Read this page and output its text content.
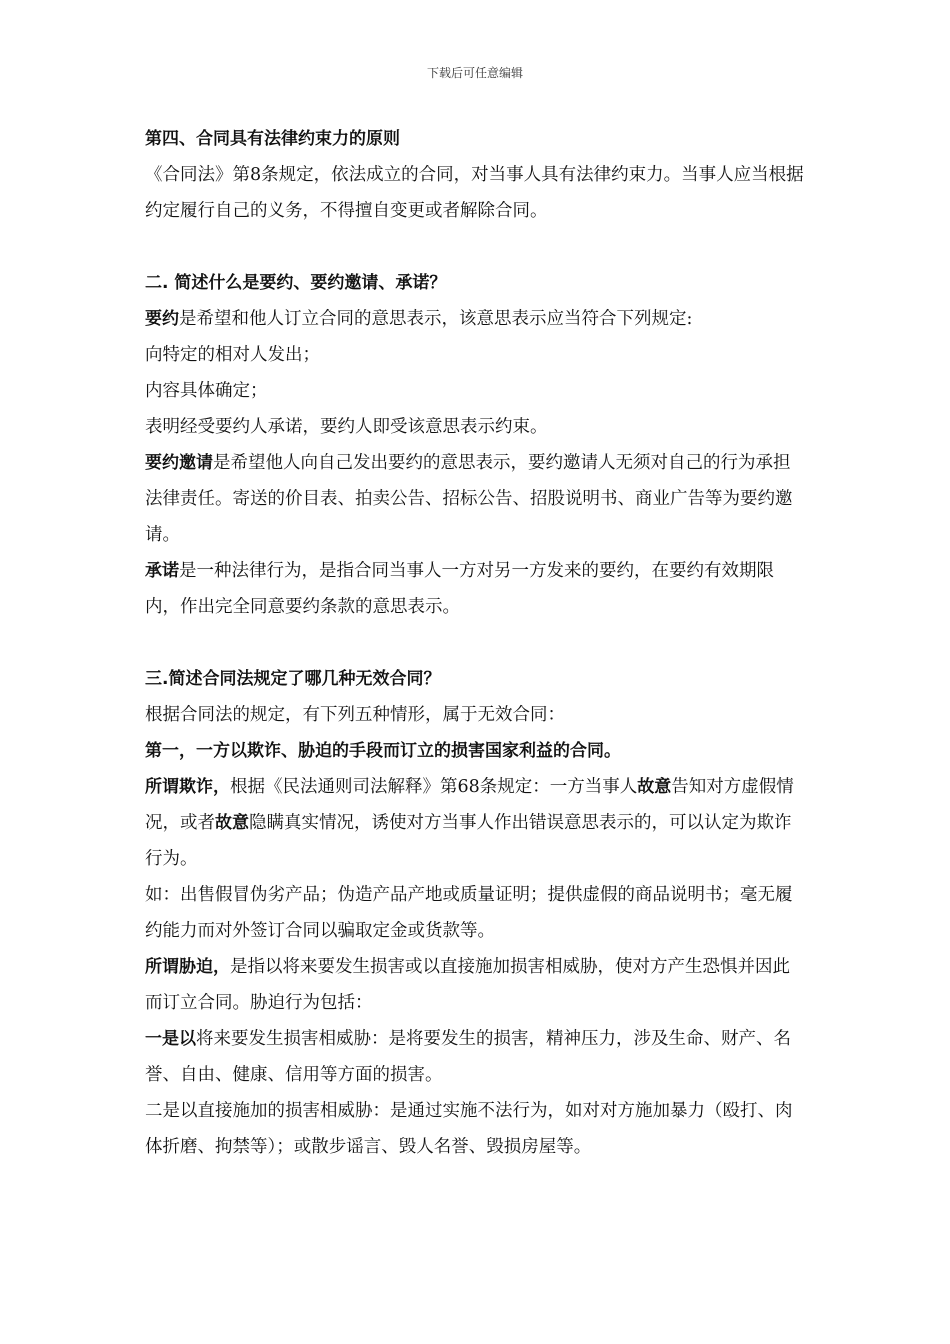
下载后可任意编辑

第四、合同具有法律约束力的原则

《合同法》第8条规定，依法成立的合同，对当事人具有法律约束力。当事人应当根据约定履行自己的义务，不得擅自变更或者解除合同。

二. 简述什么是要约、要约邀请、承诺？

要约是希望和他人订立合同的意思表示，该意思表示应当符合下列规定:

向特定的相对人发出；

内容具体确定；

表明经受要约人承诺，要约人即受该意思表示约束。

要约邀请是希望他人向自己发出要约的意思表示，要约邀请人无须对自己的行为承担法律责任。寄送的价目表、拍卖公告、招标公告、招股说明书、商业广告等为要约邀请。

承诺是一种法律行为，是指合同当事人一方对另一方发来的要约，在要约有效期限内，作出完全同意要约条款的意思表示。

三.简述合同法规定了哪几种无效合同？

根据合同法的规定，有下列五种情形，属于无效合同：

第一，一方以欺诈、胁迫的手段而订立的损害国家利益的合同。

所谓欺诈，根据《民法通则司法解释》第68条规定：一方当事人故意告知对方虚假情况，或者故意隐瞒真实情况，诱使对方当事人作出错误意思表示的，可以认定为欺诈行为。

如：出售假冒伪劣产品；伪造产品产地或质量证明；提供虚假的商品说明书；毫无履约能力而对外签订合同以骗取定金或货款等。

所谓胁迫，是指以将来要发生损害或以直接施加损害相威胁，使对方产生恐惧并因此而订立合同。胁迫行为包括：

一是以将来要发生损害相威胁：是将要发生的损害，精神压力，涉及生命、财产、名誉、自由、健康、信用等方面的损害。

二是以直接施加的损害相威胁：是通过实施不法行为，如对对方施加暴力（殴打、肉体折磨、拘禁等）；或散步谣言、毁人名誉、毁损房屋等。
